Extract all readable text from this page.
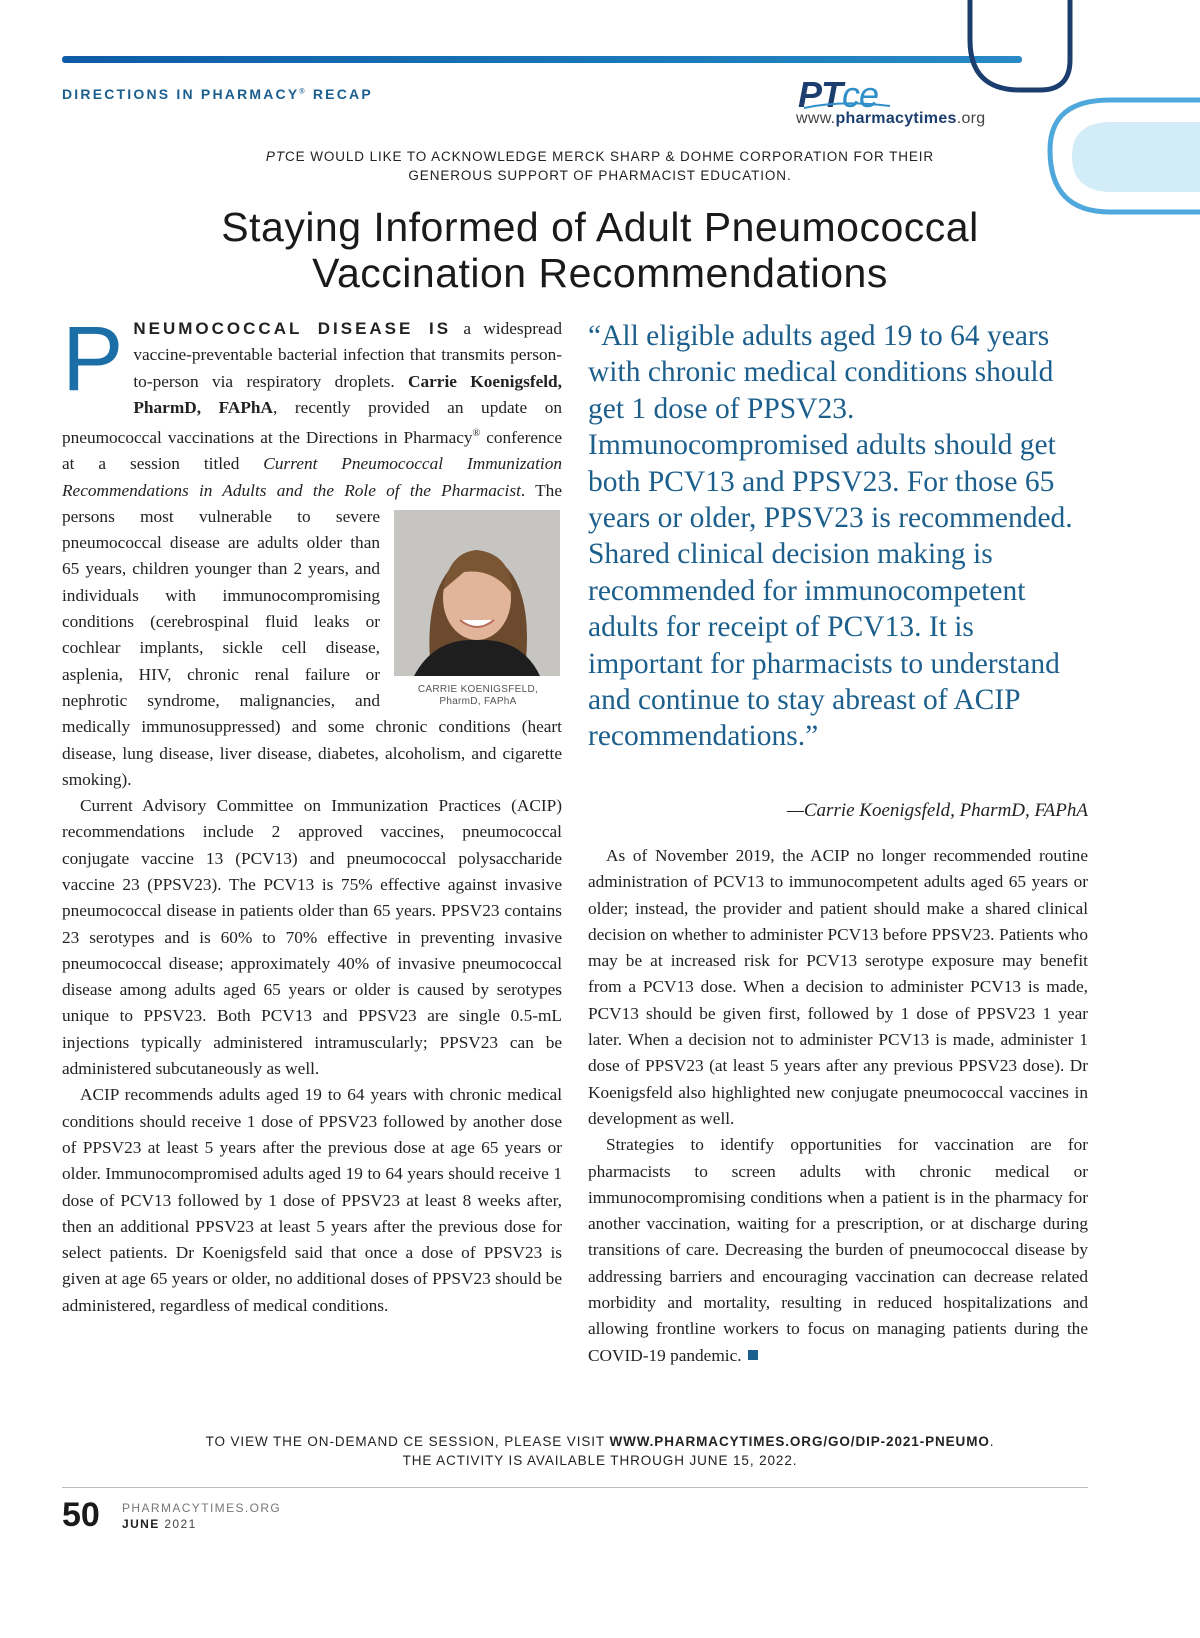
DIRECTIONS IN PHARMACY® RECAP	PTce
www.pharmacytimes.org
PTCE WOULD LIKE TO ACKNOWLEDGE MERCK SHARP & DOHME CORPORATION FOR THEIR
GENEROUS SUPPORT OF PHARMACIST EDUCATION.
Staying Informed of Adult Pneumococcal
Vaccination Recommendations

PNEUMOCOCCAL DISEASE IS a widespread vaccine-preventable bacterial infection that transmits person-to-person via respiratory droplets. Carrie Koenigsfeld, PharmD, FAPhA, recently provided an update on pneumococcal vaccinations at the Directions in Pharmacy® conference at a session titled Current Pneumococcal Immunization Recommendations in Adults and the Role of the Pharmacist
CARRIE KOENIGSFELD,
PharmD, FAPhA
. The persons most vulnerable to severe pneumococcal disease are adults older than 65 years, children younger than 2 years, and individuals with immunocompromising conditions (cerebrospinal fluid leaks or cochlear implants, sickle cell disease, asplenia, HIV, chronic renal failure or nephrotic syndrome, malignancies, and medically immunosuppressed) and some chronic conditions (heart disease, lung disease, liver disease, diabetes, alcoholism, and cigarette smoking).

Current Advisory Committee on Immunization Practices (ACIP) recommendations include 2 approved vaccines, pneumococcal conjugate vaccine 13 (PCV13) and pneumococcal polysaccharide vaccine 23 (PPSV23). The PCV13 is 75% effective against invasive pneumococcal disease in patients older than 65 years. PPSV23 contains 23 serotypes and is 60% to 70% effective in preventing invasive pneumococcal disease; approximately 40% of invasive pneumococcal disease among adults aged 65 years or older is caused by serotypes unique to PPSV23. Both PCV13 and PPSV23 are single 0.5-mL injections typically administered intramuscularly; PPSV23 can be administered subcutaneously as well.

ACIP recommends adults aged 19 to 64 years with chronic medical conditions should receive 1 dose of PPSV23 followed by another dose of PPSV23 at least 5 years after the previous dose at age 65 years or older. Immunocompromised adults aged 19 to 64 years should receive 1 dose of PCV13 followed by 1 dose of PPSV23 at least 8 weeks after, then an additional PPSV23 at least 5 years after the previous dose for select patients. Dr Koenigsfeld said that once a dose of PPSV23 is given at age 65 years or older, no additional doses of PPSV23 should be administered, regardless of medical conditions.

“All eligible adults aged 19 to 64 years with chronic medical conditions should get 1 dose of PPSV23. Immunocompromised adults should get both PCV13 and PPSV23. For those 65 years or older, PPSV23 is recommended. Shared clinical decision making is recommended for immunocompetent adults for receipt of PCV13. It is important for pharmacists to understand and continue to stay abreast of ACIP recommendations.”
—Carrie Koenigsfeld, PharmD, FAPhA

As of November 2019, the ACIP no longer recommended routine administration of PCV13 to immunocompetent adults aged 65 years or older; instead, the provider and patient should make a shared clinical decision on whether to administer PCV13 before PPSV23. Patients who may be at increased risk for PCV13 serotype exposure may benefit from a PCV13 dose. When a decision to administer PCV13 is made, PCV13 should be given first, followed by 1 dose of PPSV23 1 year later. When a decision not to administer PCV13 is made, administer 1 dose of PPSV23 (at least 5 years after any previous PPSV23 dose). Dr Koenigsfeld also highlighted new conjugate pneumococcal vaccines in development as well.

Strategies to identify opportunities for vaccination are for pharmacists to screen adults with chronic medical or immunocompromising conditions when a patient is in the pharmacy for another vaccination, waiting for a prescription, or at discharge during transitions of care. Decreasing the burden of pneumococcal disease by addressing barriers and encouraging vaccination can decrease related morbidity and mortality, resulting in reduced hospitalizations and allowing frontline workers to focus on managing patients during the COVID-19 pandemic.

TO VIEW THE ON-DEMAND CE SESSION, PLEASE VISIT WWW.PHARMACYTIMES.ORG/GO/DIP-2021-PNEUMO.
THE ACTIVITY IS AVAILABLE THROUGH JUNE 15, 2022.
50 PHARMACYTIMES.ORG
JUNE 2021
